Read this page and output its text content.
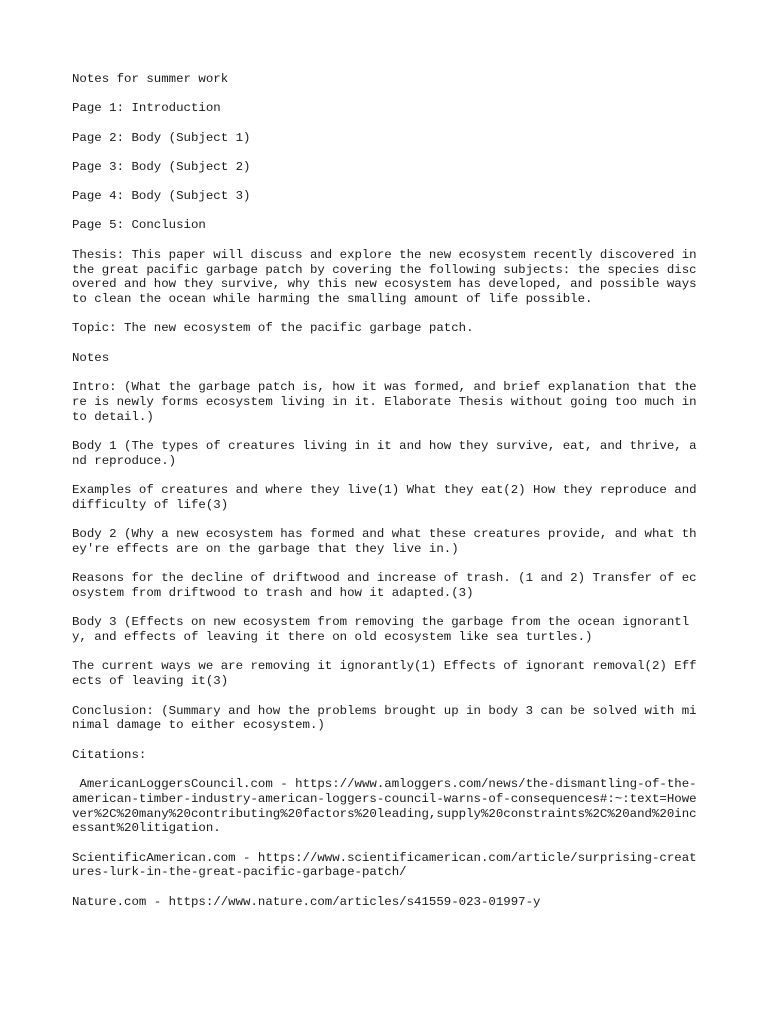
Notes for summer work

Page 1: Introduction

Page 2: Body (Subject 1)

Page 3: Body (Subject 2)

Page 4: Body (Subject 3)

Page 5: Conclusion

Thesis: This paper will discuss and explore the new ecosystem recently discovered in the great pacific garbage patch by covering the following subjects: the species discovered and how they survive, why this new ecosystem has developed, and possible ways to clean the ocean while harming the smalling amount of life possible.

Topic: The new ecosystem of the pacific garbage patch.

Notes

Intro: (What the garbage patch is, how it was formed, and brief explanation that there is newly forms ecosystem living in it. Elaborate Thesis without going too much into detail.)

Body 1 (The types of creatures living in it and how they survive, eat, and thrive, and reproduce.)

Examples of creatures and where they live(1) What they eat(2) How they reproduce and difficulty of life(3)

Body 2 (Why a new ecosystem has formed and what these creatures provide, and what they're effects are on the garbage that they live in.)

Reasons for the decline of driftwood and increase of trash. (1 and 2) Transfer of ecosystem from driftwood to trash and how it adapted.(3)

Body 3 (Effects on new ecosystem from removing the garbage from the ocean ignorantly, and effects of leaving it there on old ecosystem like sea turtles.)

The current ways we are removing it ignorantly(1) Effects of ignorant removal(2) Effects of leaving it(3)

Conclusion: (Summary and how the problems brought up in body 3 can be solved with minimal damage to either ecosystem.)

Citations:

AmericanLoggersCouncil.com - https://www.amloggers.com/news/the-dismantling-of-the-american-timber-industry-american-loggers-council-warns-of-consequences#:~:text=However%2C%20many%20contributing%20factors%20leading,supply%20constraints%2C%20and%20incessant%20litigation.

ScientificAmerican.com - https://www.scientificamerican.com/article/surprising-creatures-lurk-in-the-great-pacific-garbage-patch/

Nature.com - https://www.nature.com/articles/s41559-023-01997-y
